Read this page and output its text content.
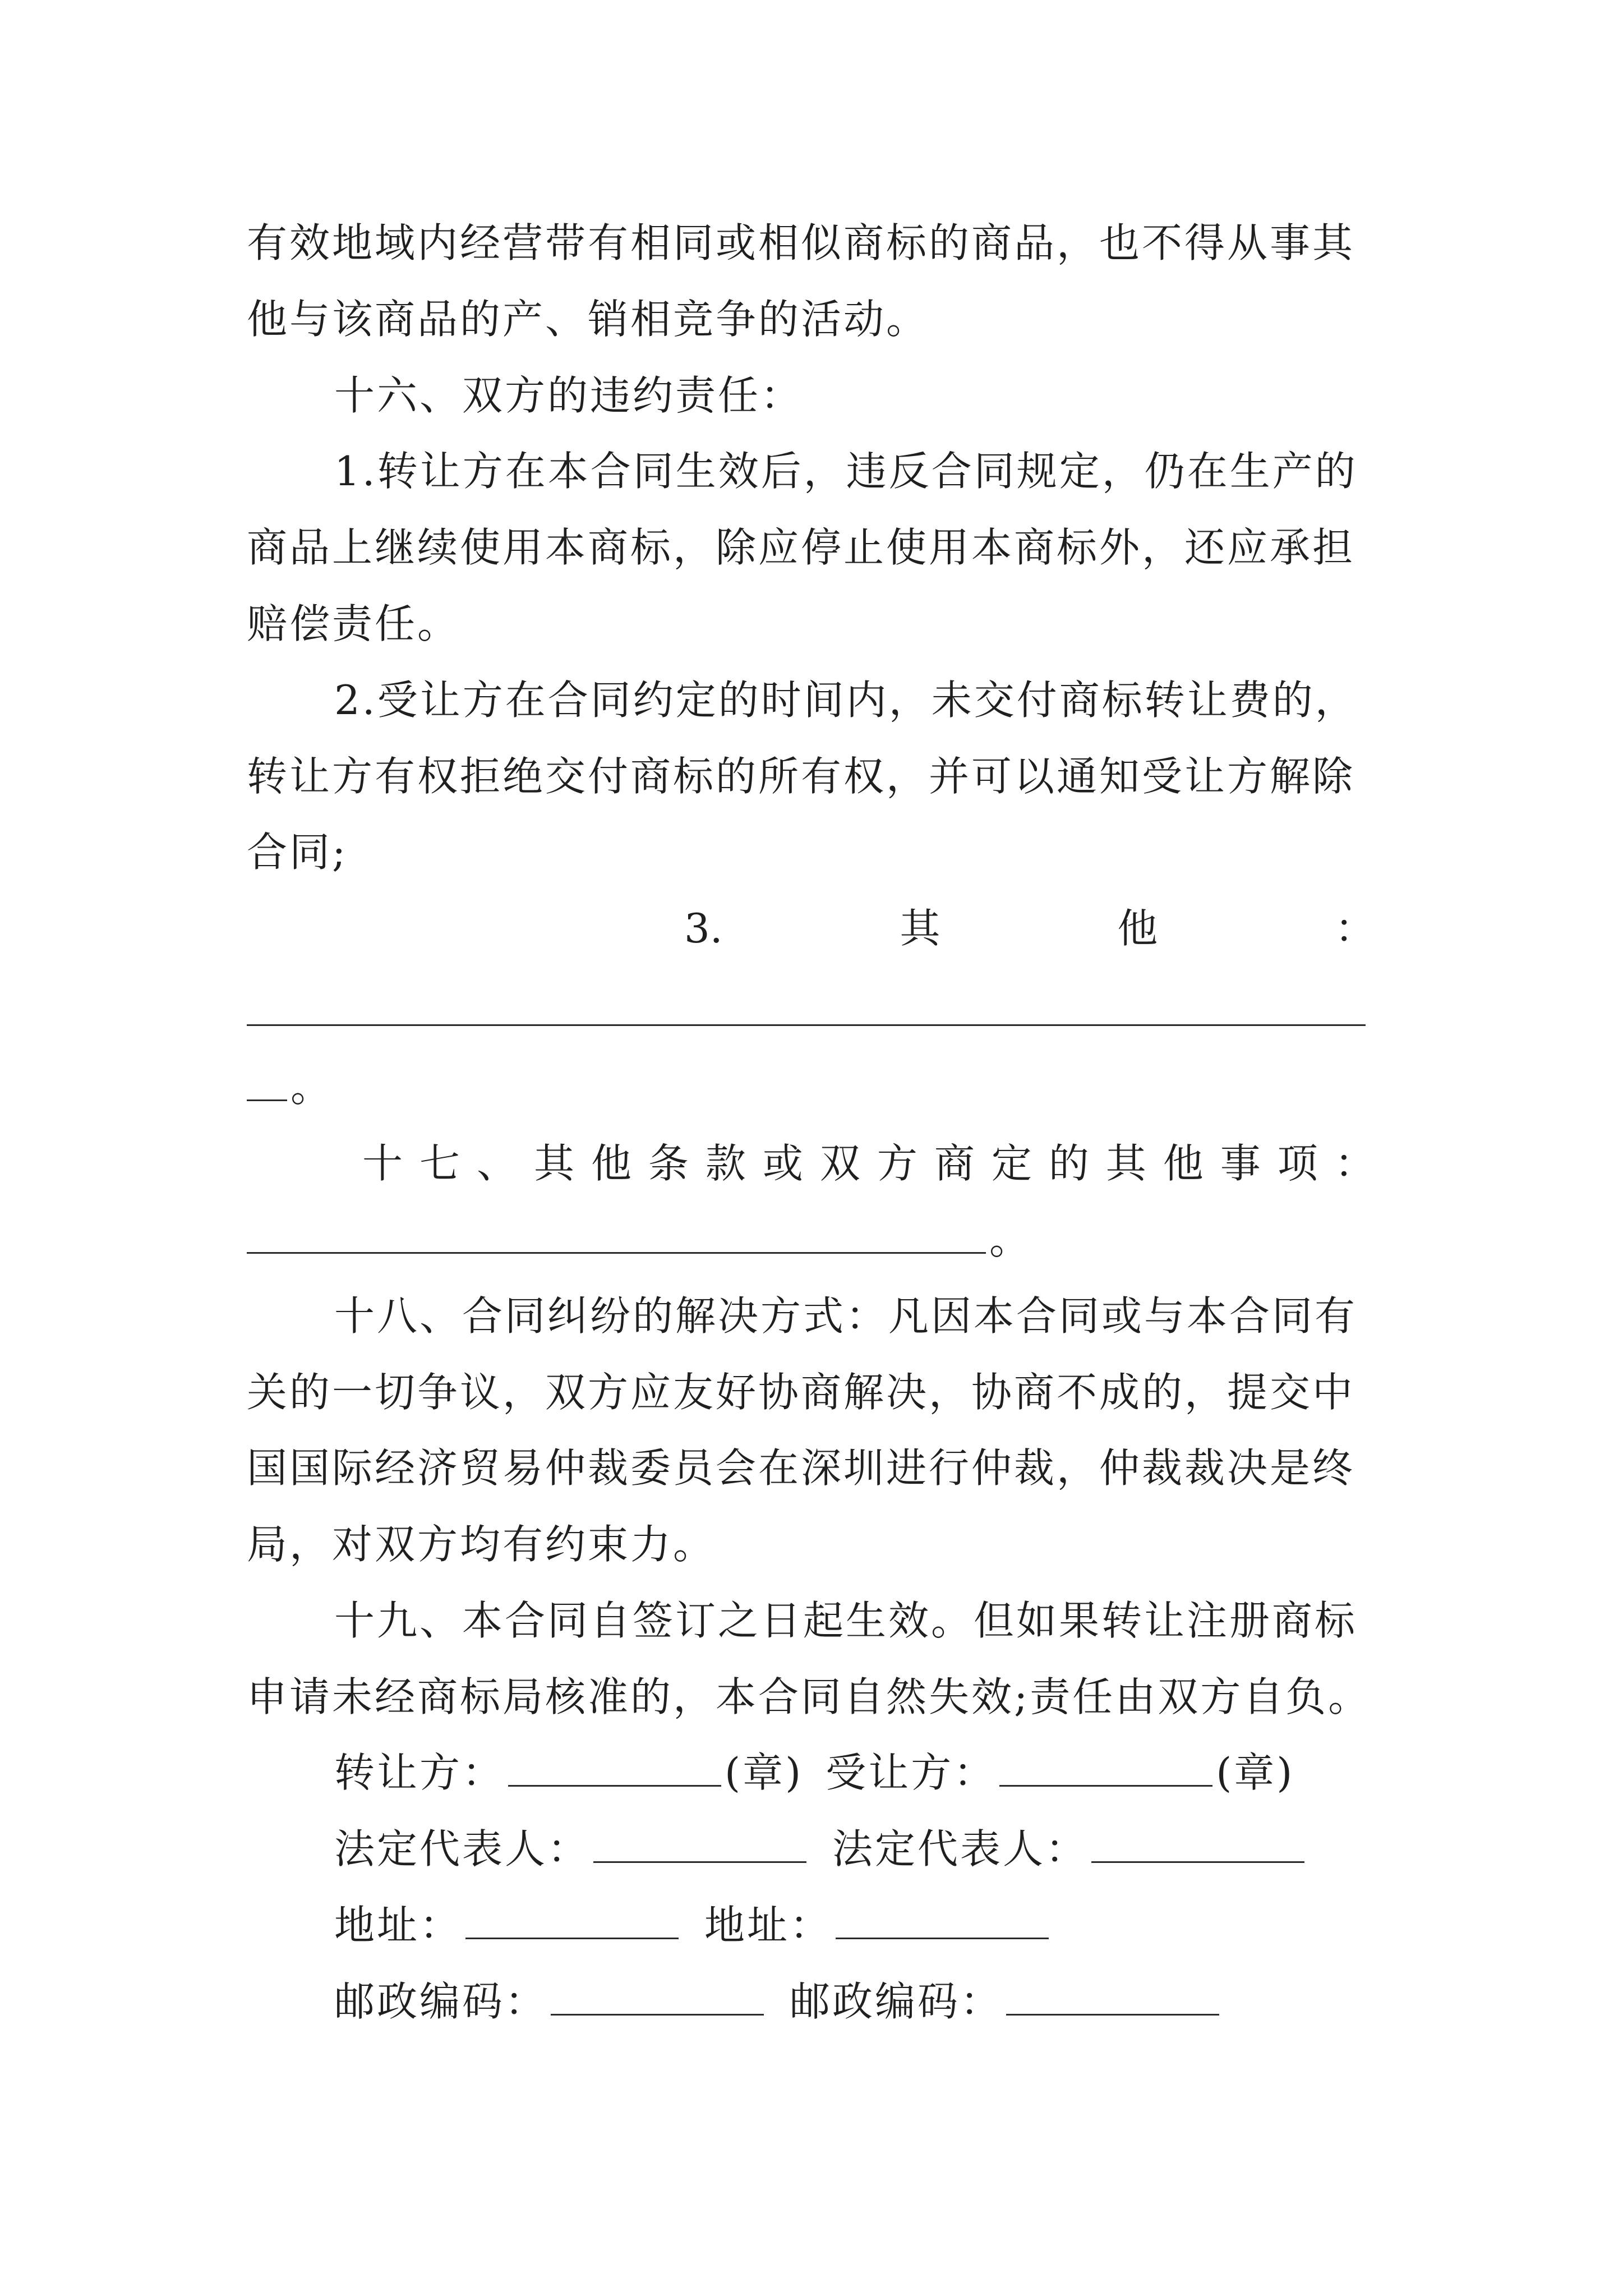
有效地域内经营带有相同或相似商标的商品，也不得从事其
他与该商品的产、销相竞争的活动。
十六、双方的违约责任：
1.转让方在本合同生效后，违反合同规定，仍在生产的
商品上继续使用本商标，除应停止使用本商标外，还应承担
赔偿责任。
2.受让方在合同约定的时间内，未交付商标转让费的，
转让方有权拒绝交付商标的所有权，并可以通知受让方解除
合同;
3.	其	他	：
。
十 七 、 其 他 条 款 或 双 方 商 定 的 其 他 事 项 ：
。
十八、合同纠纷的解决方式：凡因本合同或与本合同有
关的一切争议，双方应友好协商解决，协商不成的，提交中
国国际经济贸易仲裁委员会在深圳进行仲裁，仲裁裁决是终
局，对双方均有约束力。
十九、本合同自签订之日起生效。但如果转让注册商标
申请未经商标局核准的，本合同自然失效;责任由双方自负。
转让方：	(章) 受让方：	(章)
法定代表人：	法定代表人：
地址：	地址：
邮政编码：	邮政编码：
